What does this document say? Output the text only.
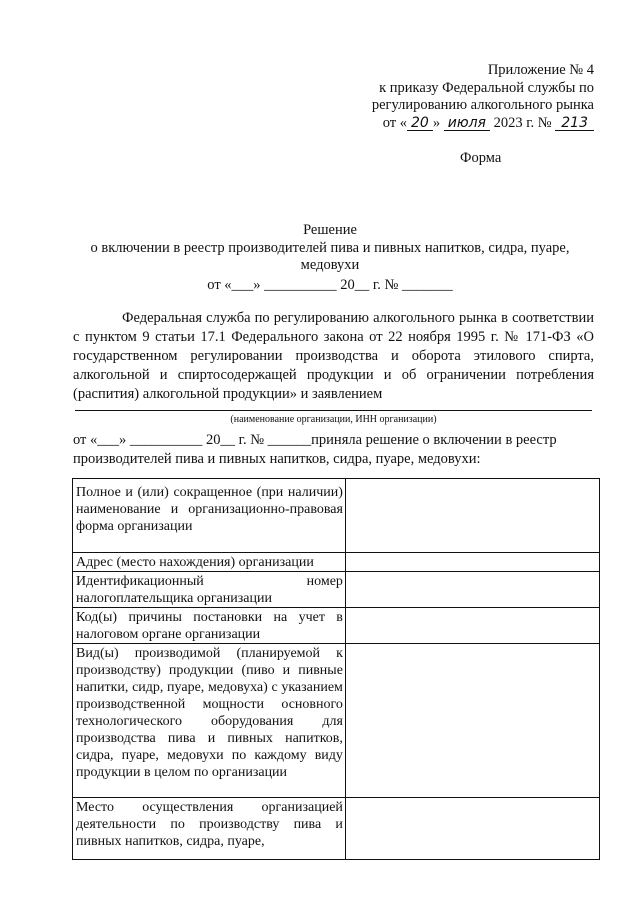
Приложение № 4
к приказу Федеральной службы по
регулированию алкогольного рынка
от « 20 » июля 2023 г. № 213
Форма
Решение
о включении в реестр производителей пива и пивных напитков, сидра, пуаре, медовухи
от «___» __________ 20__ г. № _______
Федеральная служба по регулированию алкогольного рынка в соответствии с пунктом 9 статьи 17.1 Федерального закона от 22 ноября 1995 г. № 171-ФЗ «О государственном регулировании производства и оборота этилового спирта, алкогольной и спиртосодержащей продукции и об ограничении потребления (распития) алкогольной продукции» и заявлением
(наименование организации, ИНН организации)
от «___» __________ 20__ г. № ______приняла решение о включении в реестр
производителей пива и пивных напитков, сидра, пуаре, медовухи:
Полное и (или) сокращенное (при наличии) наименование и организационно-правовая форма организации	
Адрес (место нахождения) организации	
Идентификационный номер налогоплательщика организации	
Код(ы) причины постановки на учет в налоговом органе организации	
Вид(ы) производимой (планируемой к производству) продукции (пиво и пивные напитки, сидр, пуаре, медовуха) с указанием производственной мощности основного технологического оборудования для производства пива и пивных напитков, сидра, пуаре, медовухи по каждому виду продукции в целом по организации	
Место осуществления организацией деятельности по производству пива и пивных напитков, сидра, пуаре,	
